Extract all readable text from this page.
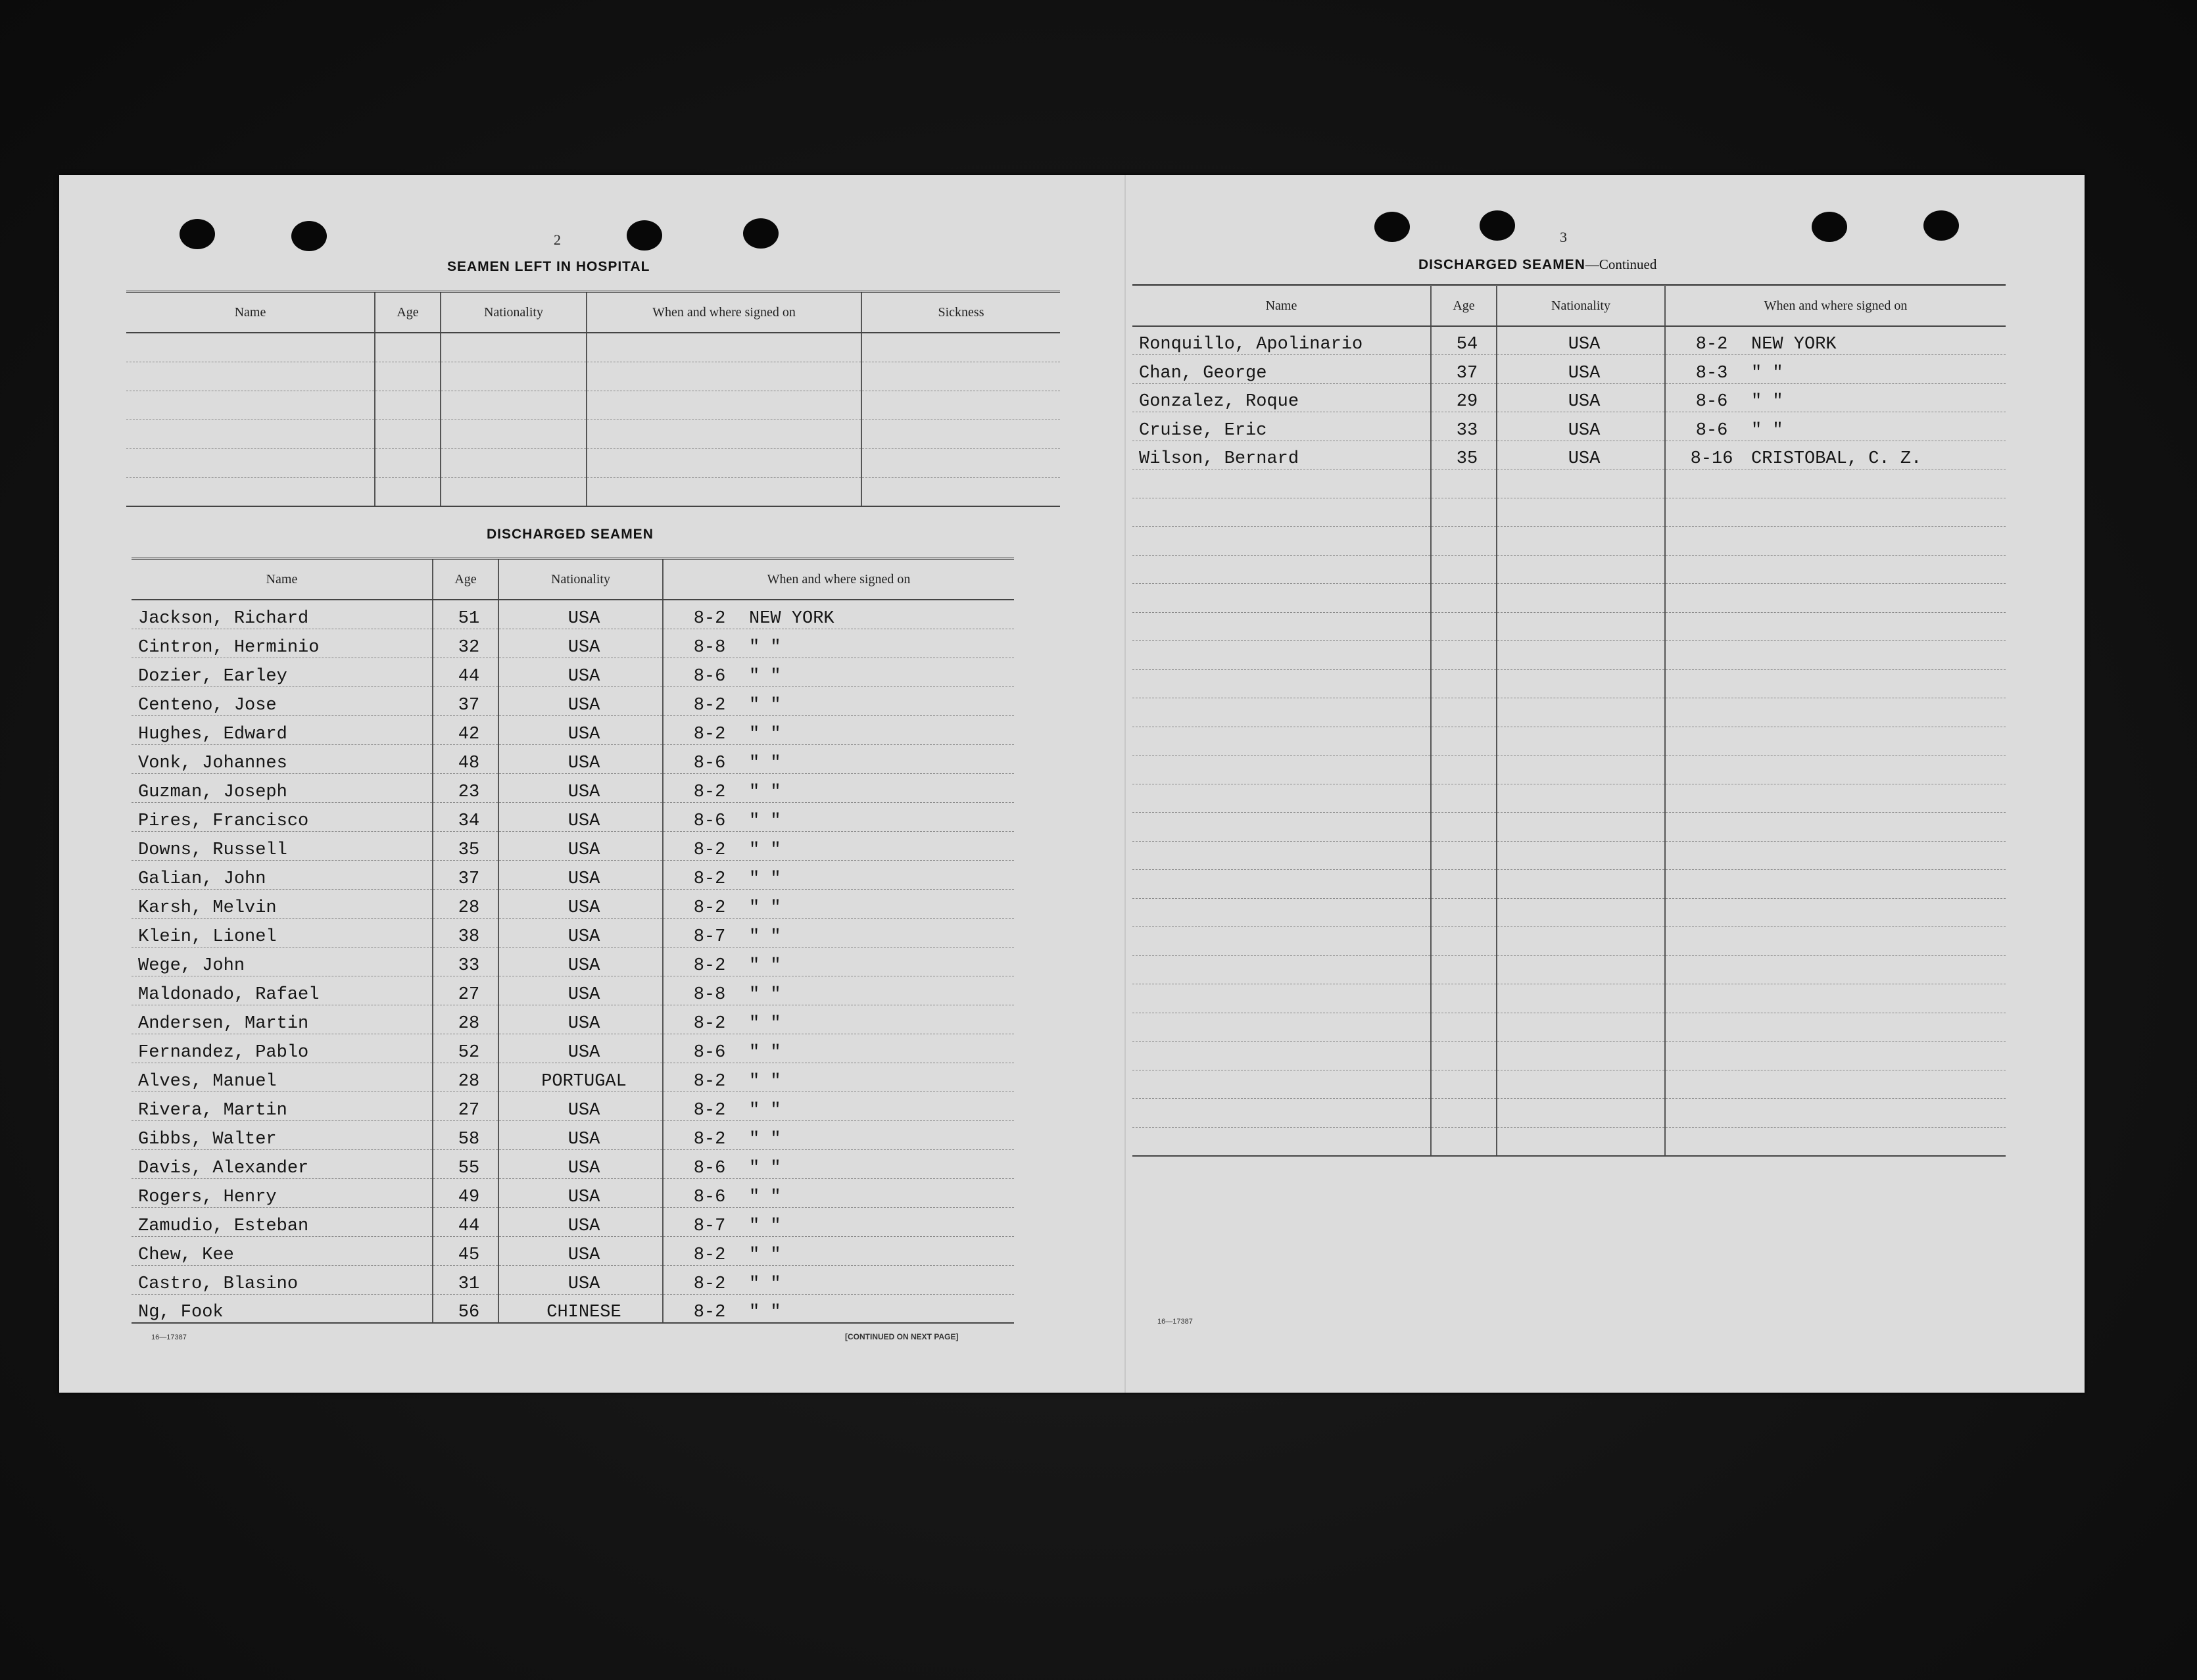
2
SEAMEN LEFT IN HOSPITAL
Name	Age	Nationality	When and where signed on	Sickness

DISCHARGED SEAMEN
Name	Age	Nationality	When and where signed on
Jackson, Richard	51	USA	8-2 NEW YORK
Cintron, Herminio	32	USA	8-8 " "
Dozier, Earley	44	USA	8-6 " "
Centeno, Jose	37	USA	8-2 " "
Hughes, Edward	42	USA	8-2 " "
Vonk, Johannes	48	USA	8-6 " "
Guzman, Joseph	23	USA	8-2 " "
Pires, Francisco	34	USA	8-6 " "
Downs, Russell	35	USA	8-2 " "
Galian, John	37	USA	8-2 " "
Karsh, Melvin	28	USA	8-2 " "
Klein, Lionel	38	USA	8-7 " "
Wege, John	33	USA	8-2 " "
Maldonado, Rafael	27	USA	8-8 " "
Andersen, Martin	28	USA	8-2 " "
Fernandez, Pablo	52	USA	8-6 " "
Alves, Manuel	28	PORTUGAL	8-2 " "
Rivera, Martin	27	USA	8-2 " "
Gibbs, Walter	58	USA	8-2 " "
Davis, Alexander	55	USA	8-6 " "
Rogers, Henry	49	USA	8-6 " "
Zamudio, Esteban	44	USA	8-7 " "
Chew, Kee	45	USA	8-2 " "
Castro, Blasino	31	USA	8-2 " "
Ng, Fook	56	CHINESE	8-2 " "
16—17387	[CONTINUED ON NEXT PAGE]
3
DISCHARGED SEAMEN—Continued
Name	Age	Nationality	When and where signed on
Ronquillo, Apolinario	54	USA	8-2 NEW YORK
Chan, George	37	USA	8-3 " "
Gonzalez, Roque	29	USA	8-6 " "
Cruise, Eric	33	USA	8-6 " "
Wilson, Bernard	35	USA	8-16 CRISTOBAL, C. Z.

16—17387
